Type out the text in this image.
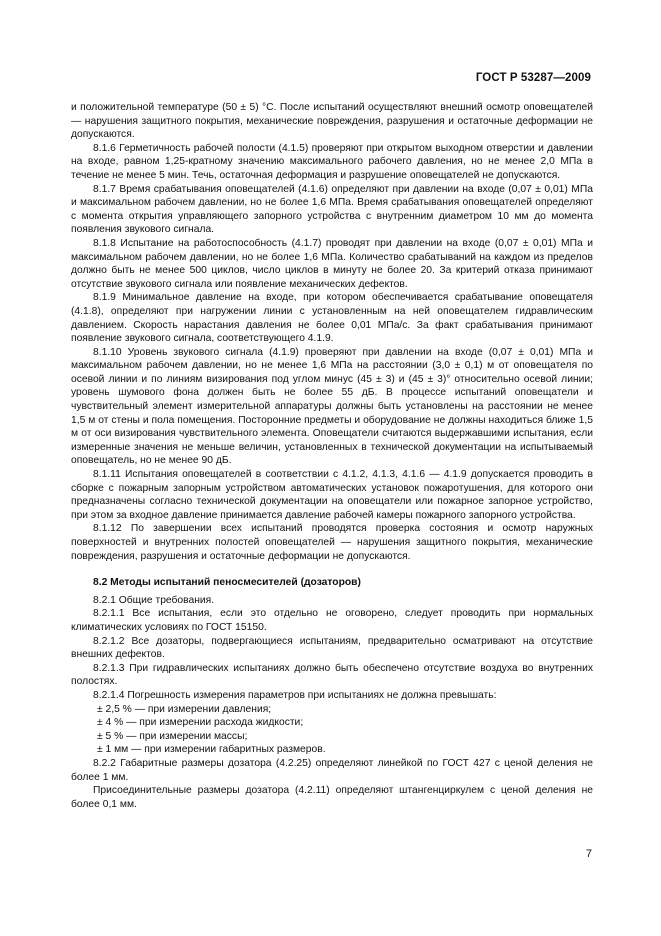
ГОСТ Р 53287—2009

и положительной температуре (50 ± 5) °С. После испытаний осуществляют внешний осмотр оповещателей — нарушения защитного покрытия, механические повреждения, разрушения и остаточные деформации не допускаются.

8.1.6 Герметичность рабочей полости (4.1.5) проверяют при открытом выходном отверстии и давлении на входе, равном 1,25-кратному значению максимального рабочего давления, но не менее 2,0 МПа в течение не менее 5 мин. Течь, остаточная деформация и разрушение оповещателей не допускаются.

8.1.7 Время срабатывания оповещателей (4.1.6) определяют при давлении на входе (0,07 ± 0,01) МПа и максимальном рабочем давлении, но не более 1,6 МПа. Время срабатывания оповещателей определяют с момента открытия управляющего запорного устройства с внутренним диаметром 10 мм до момента появления звукового сигнала.

8.1.8 Испытание на работоспособность (4.1.7) проводят при давлении на входе (0,07 ± 0,01) МПа и максимальном рабочем давлении, но не более 1,6 МПа. Количество срабатываний на каждом из пределов должно быть не менее 500 циклов, число циклов в минуту не более 20. За критерий отказа принимают отсутствие звукового сигнала или появление механических дефектов.

8.1.9 Минимальное давление на входе, при котором обеспечивается срабатывание оповещателя (4.1.8), определяют при нагружении линии с установленным на ней оповещателем гидравлическим давлением. Скорость нарастания давления не более 0,01 МПа/с. За факт срабатывания принимают появление звукового сигнала, соответствующего 4.1.9.

8.1.10 Уровень звукового сигнала (4.1.9) проверяют при давлении на входе (0,07 ± 0,01) МПа и максимальном рабочем давлении, но не менее 1,6 МПа на расстоянии (3,0 ± 0,1) м от оповещателя по осевой линии и по линиям визирования под углом минус (45 ± 3) и (45 ± 3)° относительно осевой линии; уровень шумового фона должен быть не более 55 дБ. В процессе испытаний оповещатели и чувствительный элемент измерительной аппаратуры должны быть установлены на расстоянии не менее 1,5 м от стены и пола помещения. Посторонние предметы и оборудование не должны находиться ближе 1,5 м от оси визирования чувствительного элемента. Оповещатели считаются выдержавшими испытания, если измеренные значения не меньше величин, установленных в технической документации на испытываемый оповещатель, но не менее 90 дБ.

8.1.11 Испытания оповещателей в соответствии с 4.1.2, 4.1.3, 4.1.6 — 4.1.9 допускается проводить в сборке с пожарным запорным устройством автоматических установок пожаротушения, для которого они предназначены согласно технической документации на оповещатели или пожарное запорное устройство, при этом за входное давление принимается давление рабочей камеры пожарного запорного устройства.

8.1.12 По завершении всех испытаний проводятся проверка состояния и осмотр наружных поверхностей и внутренних полостей оповещателей — нарушения защитного покрытия, механические повреждения, разрушения и остаточные деформации не допускаются.

8.2 Методы испытаний пеносмесителей (дозаторов)

8.2.1 Общие требования.

8.2.1.1 Все испытания, если это отдельно не оговорено, следует проводить при нормальных климатических условиях по ГОСТ 15150.

8.2.1.2 Все дозаторы, подвергающиеся испытаниям, предварительно осматривают на отсутствие внешних дефектов.

8.2.1.3 При гидравлических испытаниях должно быть обеспечено отсутствие воздуха во внутренних полостях.

8.2.1.4 Погрешность измерения параметров при испытаниях не должна превышать:

± 2,5 % — при измерении давления;

± 4 % — при измерении расхода жидкости;

± 5 % — при измерении массы;

± 1 мм — при измерении габаритных размеров.

8.2.2 Габаритные размеры дозатора (4.2.25) определяют линейкой по ГОСТ 427 с ценой деления не более 1 мм.

Присоединительные размеры дозатора (4.2.11) определяют штангенциркулем с ценой деления не более 0,1 мм.

7
